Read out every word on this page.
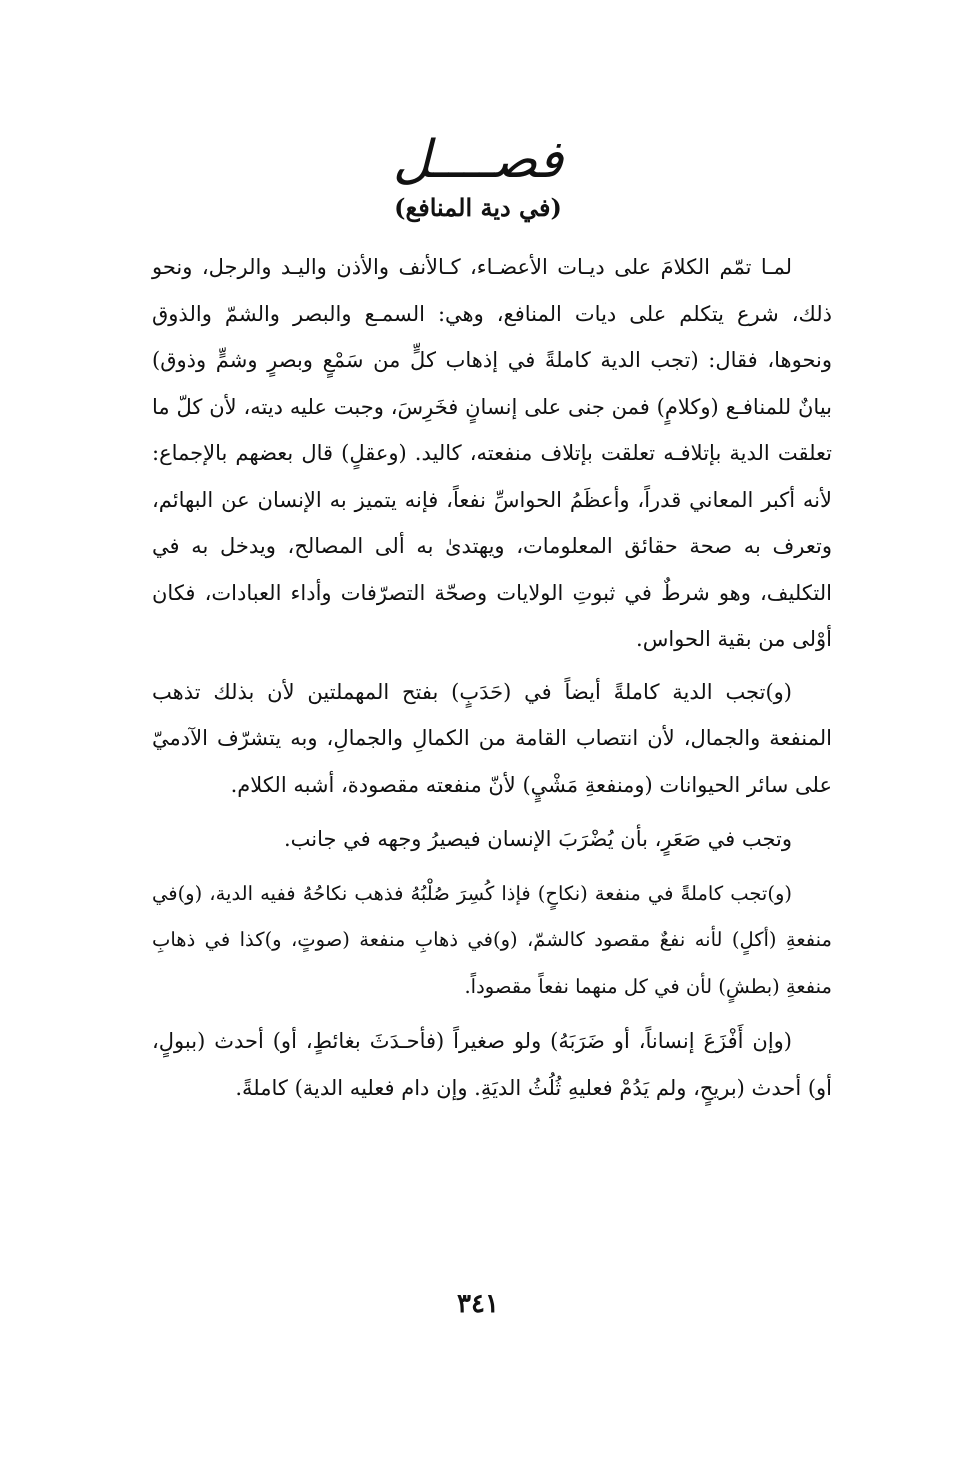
فصــــل
(في دية المنافع)

لمـا تمّم الكلامَ على ديـات الأعضـاء، كـالأنف والأذن واليـد والرجل، ونحو ذلك، شرع يتكلم على ديات المنافع، وهي: السمـع والبصر والشمّ والذوق ونحوها، فقال: (تجب الدية كاملةً في إذهاب كلٍّ من سَمْعٍ وبصرٍ وشمٍّ وذوق) بيانٌ للمنافـع (وكلامٍ) فمن جنى على إنسانٍ فخَرِسَ، وجبت عليه ديته، لأن كلّ ما تعلقت الدية بإتلافـه تعلقت بإتلاف منفعته، كاليد. (وعقلٍ) قال بعضهم بالإجماع: لأنه أكبر المعاني قدراً، وأعظَمُ الحواسِّ نفعاً، فإنه يتميز به الإنسان عن البهائم، وتعرف به صحة حقائق المعلومات، ويهتدىٰ به ألى المصالح، ويدخل به في التكليف، وهو شرطٌ في ثبوتِ الولايات وصحّة التصرّفات وأداء العبادات، فكان أوْلى من بقية الحواس.

(و)تجب الدية كاملةً أيضاً في (حَدَبٍ) بفتح المهملتين لأن بذلك تذهب المنفعة والجمال، لأن انتصاب القامة من الكمالِ والجمالِ، وبه يتشرّف الآدميّ على سائر الحيوانات (ومنفعةِ مَشْيٍ) لأنّ منفعته مقصودة، أشبه الكلام.

وتجب في صَعَرٍ، بأن يُضْرَبَ الإنسان فيصيرُ وجهه في جانب.

(و)تجب كاملةً في منفعة (نكاحٍ) فإذا كُسِرَ صُلْبُهُ فذهب نكاحُهُ ففيه الدية، (و)في منفعةِ (أكلٍ) لأنه نفعٌ مقصود كالشمّ، (و)في ذهابِ منفعة (صوتٍ، و)كذا في ذهابِ منفعةِ (بطشٍ) لأن في كل منهما نفعاً مقصوداً.

(وإن أَفْزَعَ إنساناً، أو ضَرَبَهُ) ولو صغيراً (فأحـدَثَ بغائطٍ، أو) أحدث (ببولٍ، أو) أحدث (بريحٍ، ولم يَدُمْ فعليهِ ثُلُثُ الديَةِ. وإن دام فعليه الدية) كاملةً.

٣٤١
